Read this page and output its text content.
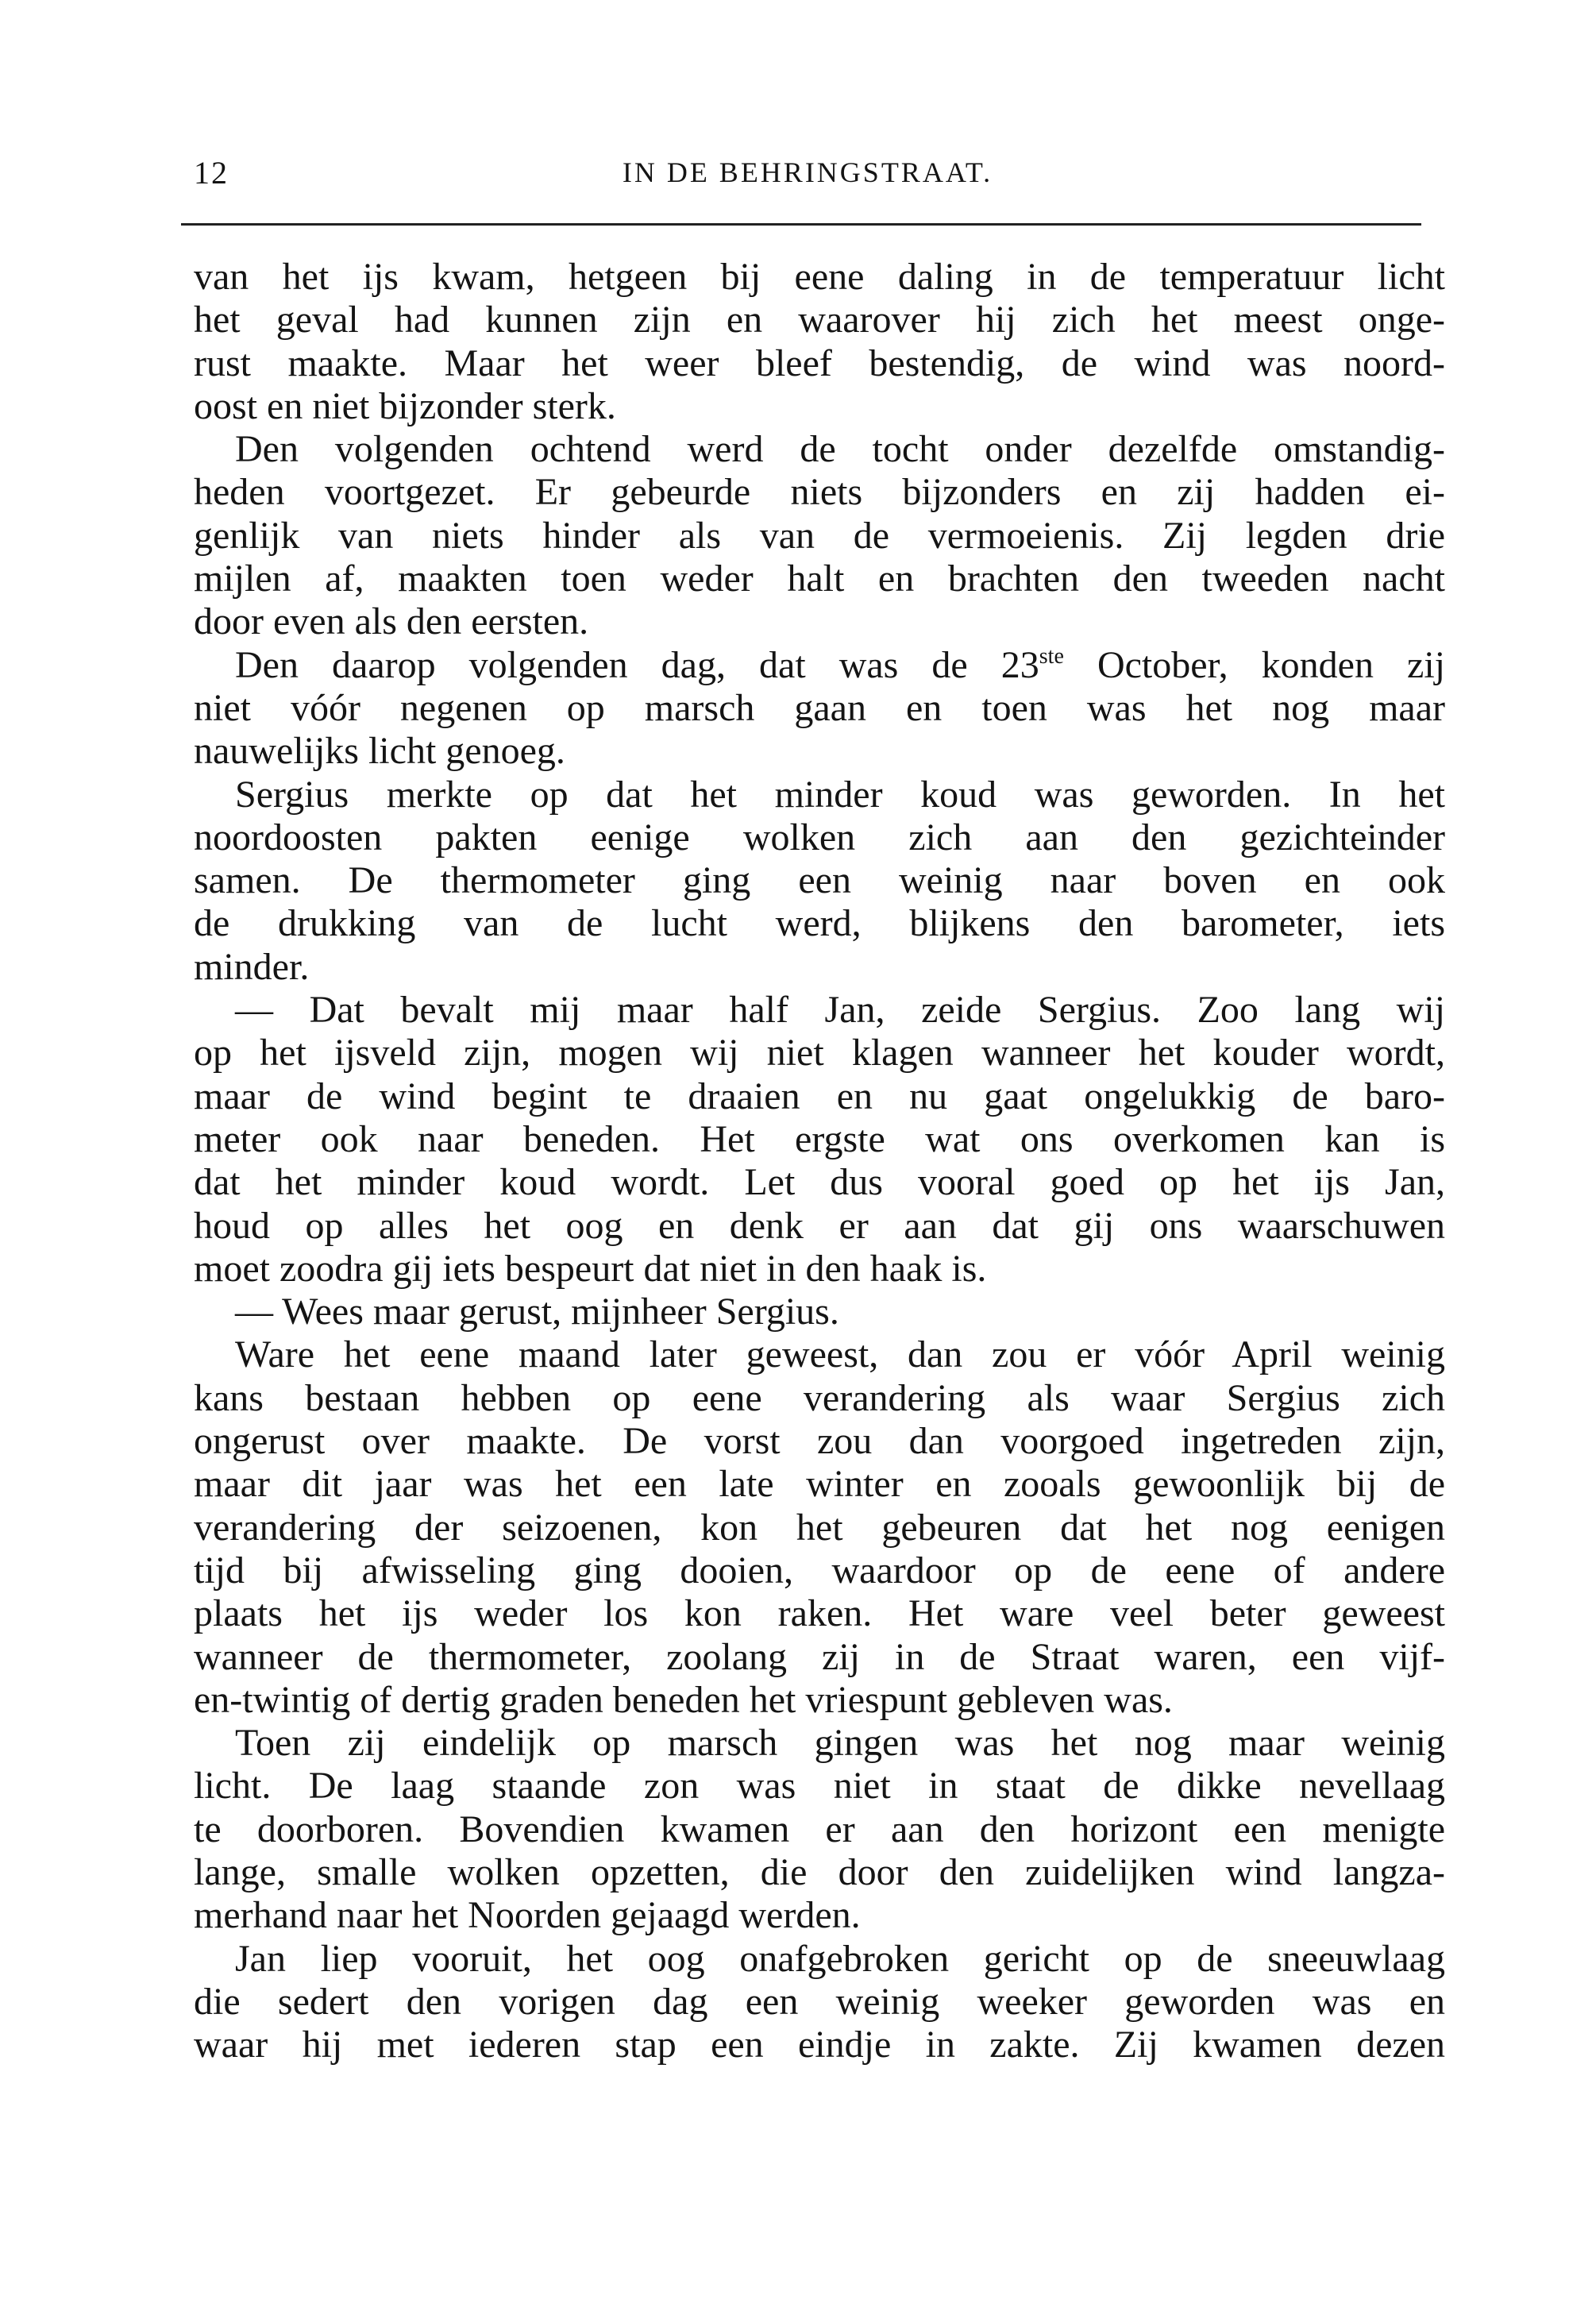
12	IN DE BEHRINGSTRAAT.
van het ijs kwam, hetgeen bij eene daling in de temperatuur licht
het geval had kunnen zijn en waarover hij zich het meest onge-
rust maakte. Maar het weer bleef bestendig, de wind was noord-
oost en niet bijzonder sterk.
Den volgenden ochtend werd de tocht onder dezelfde omstandig-
heden voortgezet. Er gebeurde niets bijzonders en zij hadden ei-
genlijk van niets hinder als van de vermoeienis. Zij legden drie
mijlen af, maakten toen weder halt en brachten den tweeden nacht
door even als den eersten.
Den daarop volgenden dag, dat was de 23ste October, konden zij
niet vóór negenen op marsch gaan en toen was het nog maar
nauwelijks licht genoeg.
Sergius merkte op dat het minder koud was geworden. In het
noordoosten pakten eenige wolken zich aan den gezichteinder
samen. De thermometer ging een weinig naar boven en ook
de drukking van de lucht werd, blijkens den barometer, iets
minder.
— Dat bevalt mij maar half Jan, zeide Sergius. Zoo lang wij
op het ijsveld zijn, mogen wij niet klagen wanneer het kouder wordt,
maar de wind begint te draaien en nu gaat ongelukkig de baro-
meter ook naar beneden. Het ergste wat ons overkomen kan is
dat het minder koud wordt. Let dus vooral goed op het ijs Jan,
houd op alles het oog en denk er aan dat gij ons waarschuwen
moet zoodra gij iets bespeurt dat niet in den haak is.
— Wees maar gerust, mijnheer Sergius.
Ware het eene maand later geweest, dan zou er vóór April weinig
kans bestaan hebben op eene verandering als waar Sergius zich
ongerust over maakte. De vorst zou dan voorgoed ingetreden zijn,
maar dit jaar was het een late winter en zooals gewoonlijk bij de
verandering der seizoenen, kon het gebeuren dat het nog eenigen
tijd bij afwisseling ging dooien, waardoor op de eene of andere
plaats het ijs weder los kon raken. Het ware veel beter geweest
wanneer de thermometer, zoolang zij in de Straat waren, een vijf-
en-twintig of dertig graden beneden het vriespunt gebleven was.
Toen zij eindelijk op marsch gingen was het nog maar weinig
licht. De laag staande zon was niet in staat de dikke nevellaag
te doorboren. Bovendien kwamen er aan den horizont een menigte
lange, smalle wolken opzetten, die door den zuidelijken wind langza-
merhand naar het Noorden gejaagd werden.
Jan liep vooruit, het oog onafgebroken gericht op de sneeuwlaag
die sedert den vorigen dag een weinig weeker geworden was en
waar hij met iederen stap een eindje in zakte. Zij kwamen dezen
